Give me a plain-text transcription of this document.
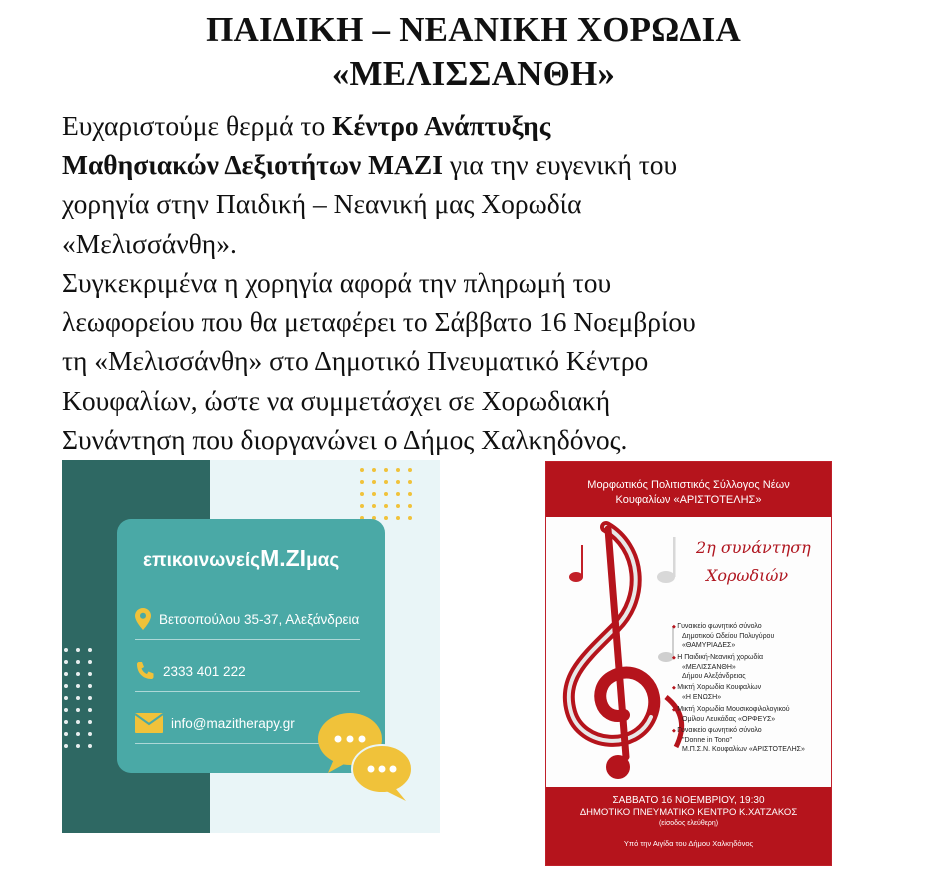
ΠΑΙΔΙΚΗ – ΝΕΑΝΙΚΗ ΧΟΡΩΔΙΑ
«ΜΕΛΙΣΣΑΝΘΗ»
Ευχαριστούμε θερμά το Κέντρο Ανάπτυξης
Μαθησιακών Δεξιοτήτων ΜΑΖΙ για την ευγενική του
χορηγία στην Παιδική – Νεανική μας Χορωδία
«Μελισσάνθη».
Συγκεκριμένα η χορηγία αφορά την πληρωμή του
λεωφορείου που θα μεταφέρει το Σάββατο 16 Νοεμβρίου
τη «Μελισσάνθη» στο Δημοτικό Πνευματικό Κέντρο
Κουφαλίων, ώστε να συμμετάσχει σε Χορωδιακή
Συνάντηση που διοργανώνει ο Δήμος Χαλκηδόνος.
επικοινωνείςΜ.ΖΙμας
Βετσοπούλου 35-37, Αλεξάνδρεια
2333 401 222
info@mazitherapy.gr
Μορφωτικός Πολιτιστικός Σύλλογος Νέων
Κουφαλίων «ΑΡΙΣΤΟΤΕΛΗΣ»
2η συνάντηση
Χορωδιών
◆ Γυναικείο φωνητικό σύνολο
Δημοτικού Ωδείου Πολυγύρου
«ΘΑΜΥΡΙΑΔΕΣ»
◆ Η Παιδική-Νεανική χορωδία
«ΜΕΛΙΣΣΑΝΘΗ»
Δήμου Αλεξάνδρειας
◆ Μικτή Χορωδία Κουφαλίων
«Η ΕΝΩΣΗ»
◆ Μικτή Χορωδία Μουσικοφιλολογικού
Ομίλου Λευκάδας «ΟΡΦΕΥΣ»
◆ Γυναικείο φωνητικό σύνολο
"Donne in Tono"
Μ.Π.Σ.Ν. Κουφαλίων «ΑΡΙΣΤΟΤΕΛΗΣ»
ΣΑΒΒΑΤΟ 16 ΝΟΕΜΒΡΙΟΥ, 19:30
ΔΗΜΟΤΙΚΟ ΠΝΕΥΜΑΤΙΚΟ ΚΕΝΤΡΟ Κ.ΧΑΤΖΑΚΟΣ
(είσοδος ελεύθερη)
Υπό την Αιγίδα του Δήμου Χαλκηδόνος
